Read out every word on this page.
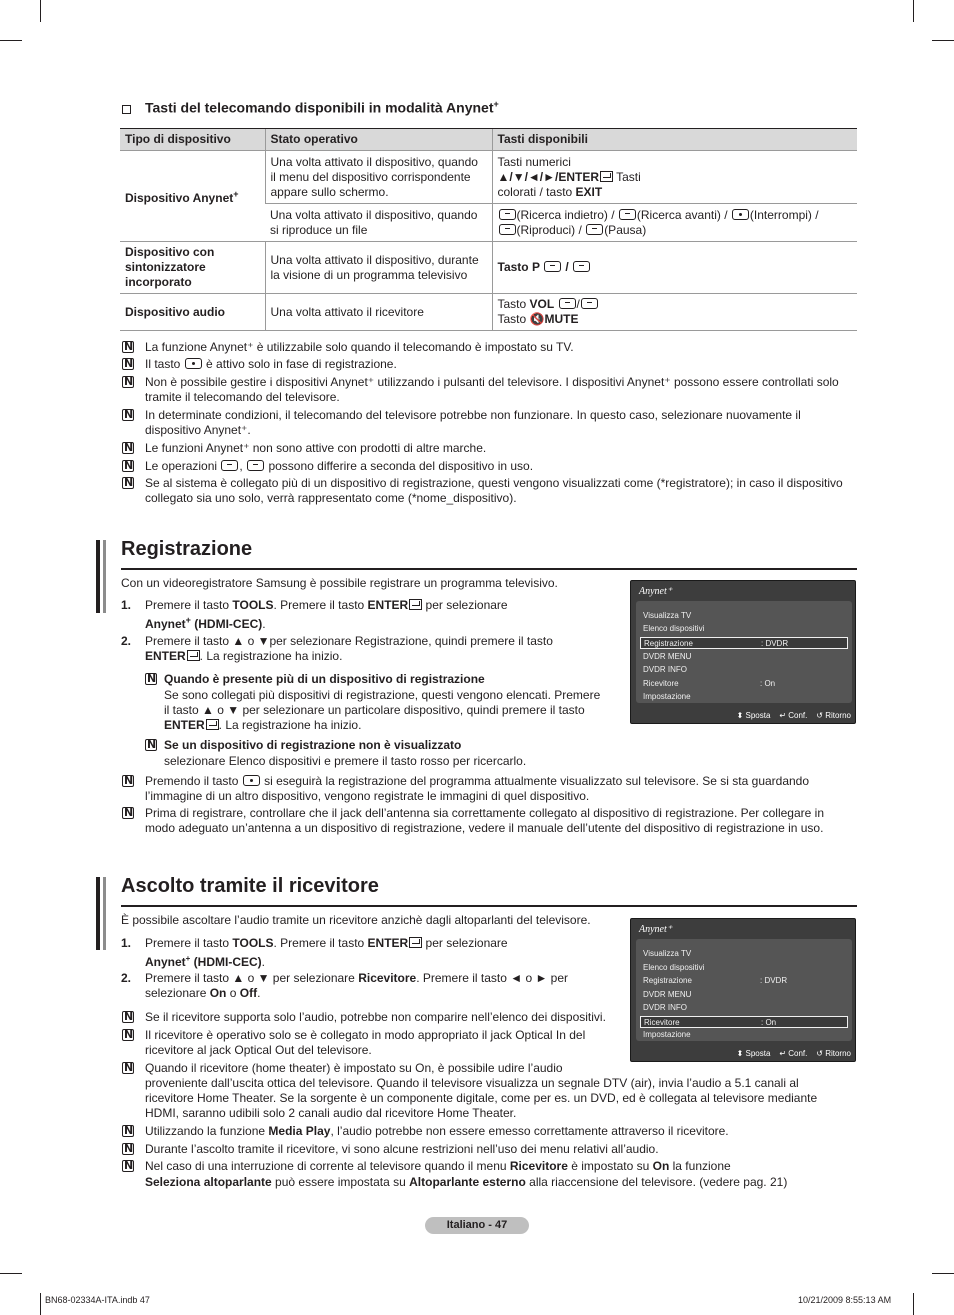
Tasti del telecomando disponibili in modalità Anynet+
Tipo di dispositivo	Stato operativo	Tasti disponibili
Dispositivo Anynet+	Una volta attivato il dispositivo, quando il menu del dispositivo corrispondente appare sullo schermo.	Tasti numerici
▲/▼/◄/►/ENTER Tasti
colorati / tasto EXIT
	Una volta attivato il dispositivo, quando si riproduce un file	(Ricerca indietro) /
(Ricerca avanti) /
(Interrompi) /

(Riproduci) /
(Pausa)
Dispositivo con sintonizzatore incorporato	Una volta attivato il dispositivo, durante la visione di un programma televisivo	Tasto P /

Dispositivo audio	Una volta attivato il ricevitore	Tasto VOL /

Tasto 🔇MUTE
N
La funzione Anynet⁺ è utilizzabile solo quando il telecomando è impostato su TV.
N
Il tasto è attivo solo in fase di registrazione.
N
Non è possibile gestire i dispositivi Anynet⁺ utilizzando i pulsanti del televisore. I dispositivi Anynet⁺ possono essere controllati solo
tramite il telecomando del televisore.
N
In determinate condizioni, il telecomando del televisore potrebbe non funzionare. In questo caso, selezionare nuovamente il
dispositivo Anynet⁺.
N
Le funzioni Anynet⁺ non sono attive con prodotti di altre marche.
N
Le operazioni , possono differire a seconda del dispositivo in uso.
N
Se al sistema è collegato più di un dispositivo di registrazione, questi vengono visualizzati come (*registratore); in caso il dispositivo
collegato sia uno solo, verrà rappresentato come (*nome_dispositivo).
Registrazione
Con un videoregistratore Samsung è possibile registrare un programma televisivo.
1. Premere il tasto TOOLS. Premere il tasto ENTER per selezionare
Anynet+ (HDMI-CEC).
2. Premere il tasto ▲ o ▼per selezionare Registrazione, quindi premere il tasto
ENTER . La registrazione ha inizio.
N
Quando è presente più di un dispositivo di registrazione
Se sono collegati più dispositivi di registrazione, questi vengono elencati. Premere
il tasto ▲ o ▼ per selezionare un particolare dispositivo, quindi premere il tasto
ENTER . La registrazione ha inizio.
N
Se un dispositivo di registrazione non è visualizzato
selezionare Elenco dispositivi e premere il tasto rosso per ricercarlo.
N
Premendo il tasto si eseguirà la registrazione del programma attualmente visualizzato sul televisore. Se si sta guardando
l’immagine di un altro dispositivo, vengono registrate le immagini di quel dispositivo.
N
Prima di registrare, controllare che il jack dell’antenna sia correttamente collegato al dispositivo di registrazione. Per collegare in
modo adeguato un’antenna a un dispositivo di registrazione, vedere il manuale dell’utente del dispositivo di registrazione in uso.
Anynet⁺
Visualizza TV
Elenco dispositivi
Registrazione	: DVDR
DVDR MENU
DVDR INFO
Ricevitore	: On
Impostazione
⬍ Sposta ↵ Conf. ↺ Ritorno
Ascolto tramite il ricevitore
È possibile ascoltare l’audio tramite un ricevitore anzichè dagli altoparlanti del televisore.
1. Premere il tasto TOOLS. Premere il tasto ENTER per selezionare
Anynet+ (HDMI-CEC).
2. Premere il tasto ▲ o ▼ per selezionare Ricevitore. Premere il tasto ◄ o ► per
selezionare On o Off.
N
Se il ricevitore supporta solo l’audio, potrebbe non comparire nell’elenco dei dispositivi.
N
Il ricevitore è operativo solo se è collegato in modo appropriato il jack Optical In del
ricevitore al jack Optical Out del televisore.
N
Quando il ricevitore (home theater) è impostato su On, è possibile udire l’audio
proveniente dall’uscita ottica del televisore. Quando il televisore visualizza un segnale DTV (air), invia l’audio a 5.1 canali al
ricevitore Home Theater. Se la sorgente è un componente digitale, come per es. un DVD, ed è collegata al televisore mediante
HDMI, saranno udibili solo 2 canali audio dal ricevitore Home Theater.
N
Utilizzando la funzione Media Play, l’audio potrebbe non essere emesso correttamente attraverso il ricevitore.
N
Durante l’ascolto tramite il ricevitore, vi sono alcune restrizioni nell’uso dei menu relativi all’audio.
N
Nel caso di una interruzione di corrente al televisore quando il menu Ricevitore è impostato su On la funzione
Seleziona altoparlante può essere impostata su Altoparlante esterno alla riaccensione del televisore. (vedere pag. 21)
Anynet⁺
Visualizza TV
Elenco dispositivi
Registrazione	: DVDR
DVDR MENU
DVDR INFO
Ricevitore	: On
Impostazione
⬍ Sposta ↵ Conf. ↺ Ritorno
Italiano - 47
BN68-02334A-ITA.indb 47	10/21/2009 8:55:13 AM
